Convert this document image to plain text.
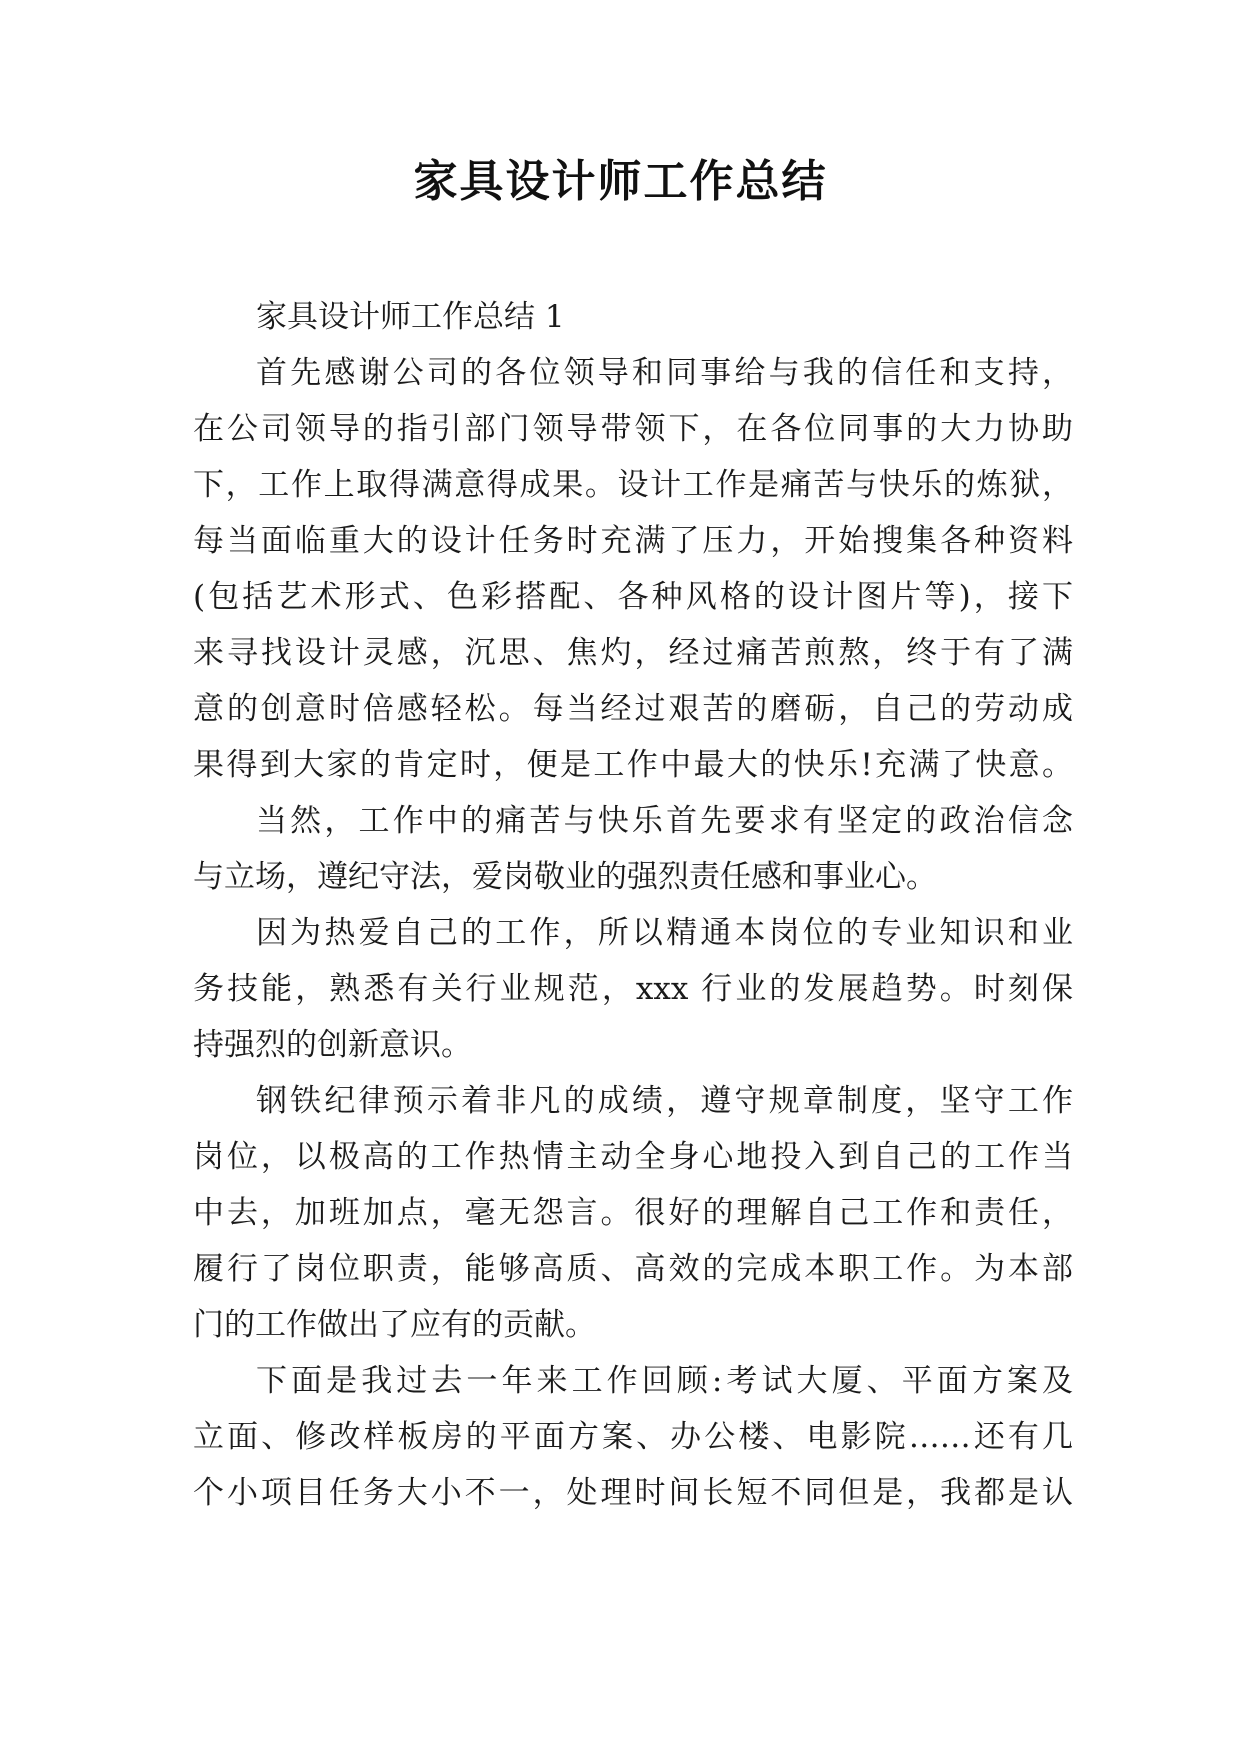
家具设计师工作总结
家具设计师工作总结 1
首先感谢公司的各位领导和同事给与我的信任和支持，
在公司领导的指引部门领导带领下，在各位同事的大力协助
下，工作上取得满意得成果。设计工作是痛苦与快乐的炼狱，
每当面临重大的设计任务时充满了压力，开始搜集各种资料
(包括艺术形式、色彩搭配、各种风格的设计图片等)，接下
来寻找设计灵感，沉思、焦灼，经过痛苦煎熬，终于有了满
意的创意时倍感轻松。每当经过艰苦的磨砺，自己的劳动成
果得到大家的肯定时，便是工作中最大的快乐!充满了快意。
当然，工作中的痛苦与快乐首先要求有坚定的政治信念
与立场，遵纪守法，爱岗敬业的强烈责任感和事业心。
因为热爱自己的工作，所以精通本岗位的专业知识和业
务技能，熟悉有关行业规范，xxx 行业的发展趋势。时刻保
持强烈的创新意识。
钢铁纪律预示着非凡的成绩，遵守规章制度，坚守工作
岗位，以极高的工作热情主动全身心地投入到自己的工作当
中去，加班加点，毫无怨言。很好的理解自己工作和责任，
履行了岗位职责，能够高质、高效的完成本职工作。为本部
门的工作做出了应有的贡献。
下面是我过去一年来工作回顾:考试大厦、平面方案及
立面、修改样板房的平面方案、办公楼、电影院……还有几
个小项目任务大小不一，处理时间长短不同但是，我都是认
